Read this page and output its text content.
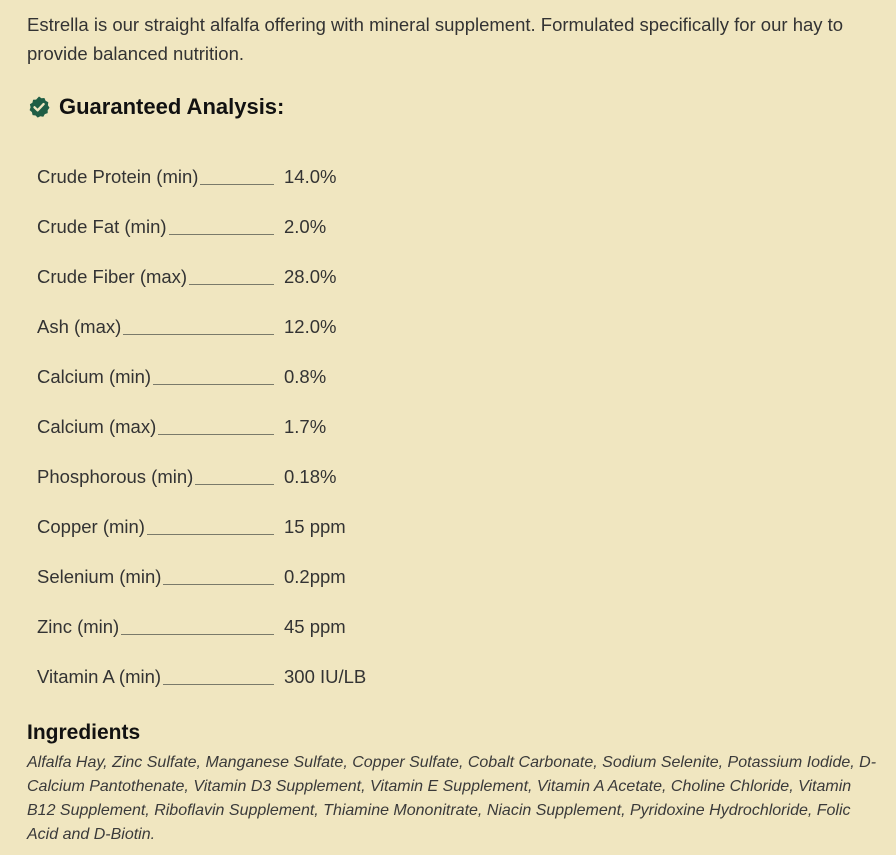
Estrella is our straight alfalfa offering with mineral supplement. Formulated specifically for our hay to provide balanced nutrition.

Guaranteed Analysis:
Crude Protein (min)	14.0%
Crude Fat (min)	2.0%
Crude Fiber (max)	28.0%
Ash (max)	12.0%
Calcium (min)	0.8%
Calcium (max)	1.7%
Phosphorous (min)	0.18%
Copper (min)	15 ppm
Selenium (min)	0.2ppm
Zinc (min)	45 ppm
Vitamin A (min)	300 IU/LB
Ingredients

Alfalfa Hay, Zinc Sulfate, Manganese Sulfate, Copper Sulfate, Cobalt Carbonate, Sodium Selenite, Potassium Iodide, D-Calcium Pantothenate, Vitamin D3 Supplement, Vitamin E Supplement, Vitamin A Acetate, Choline Chloride, Vitamin B12 Supplement, Riboflavin Supplement, Thiamine Mononitrate, Niacin Supplement, Pyridoxine Hydrochloride, Folic Acid and D-Biotin.
